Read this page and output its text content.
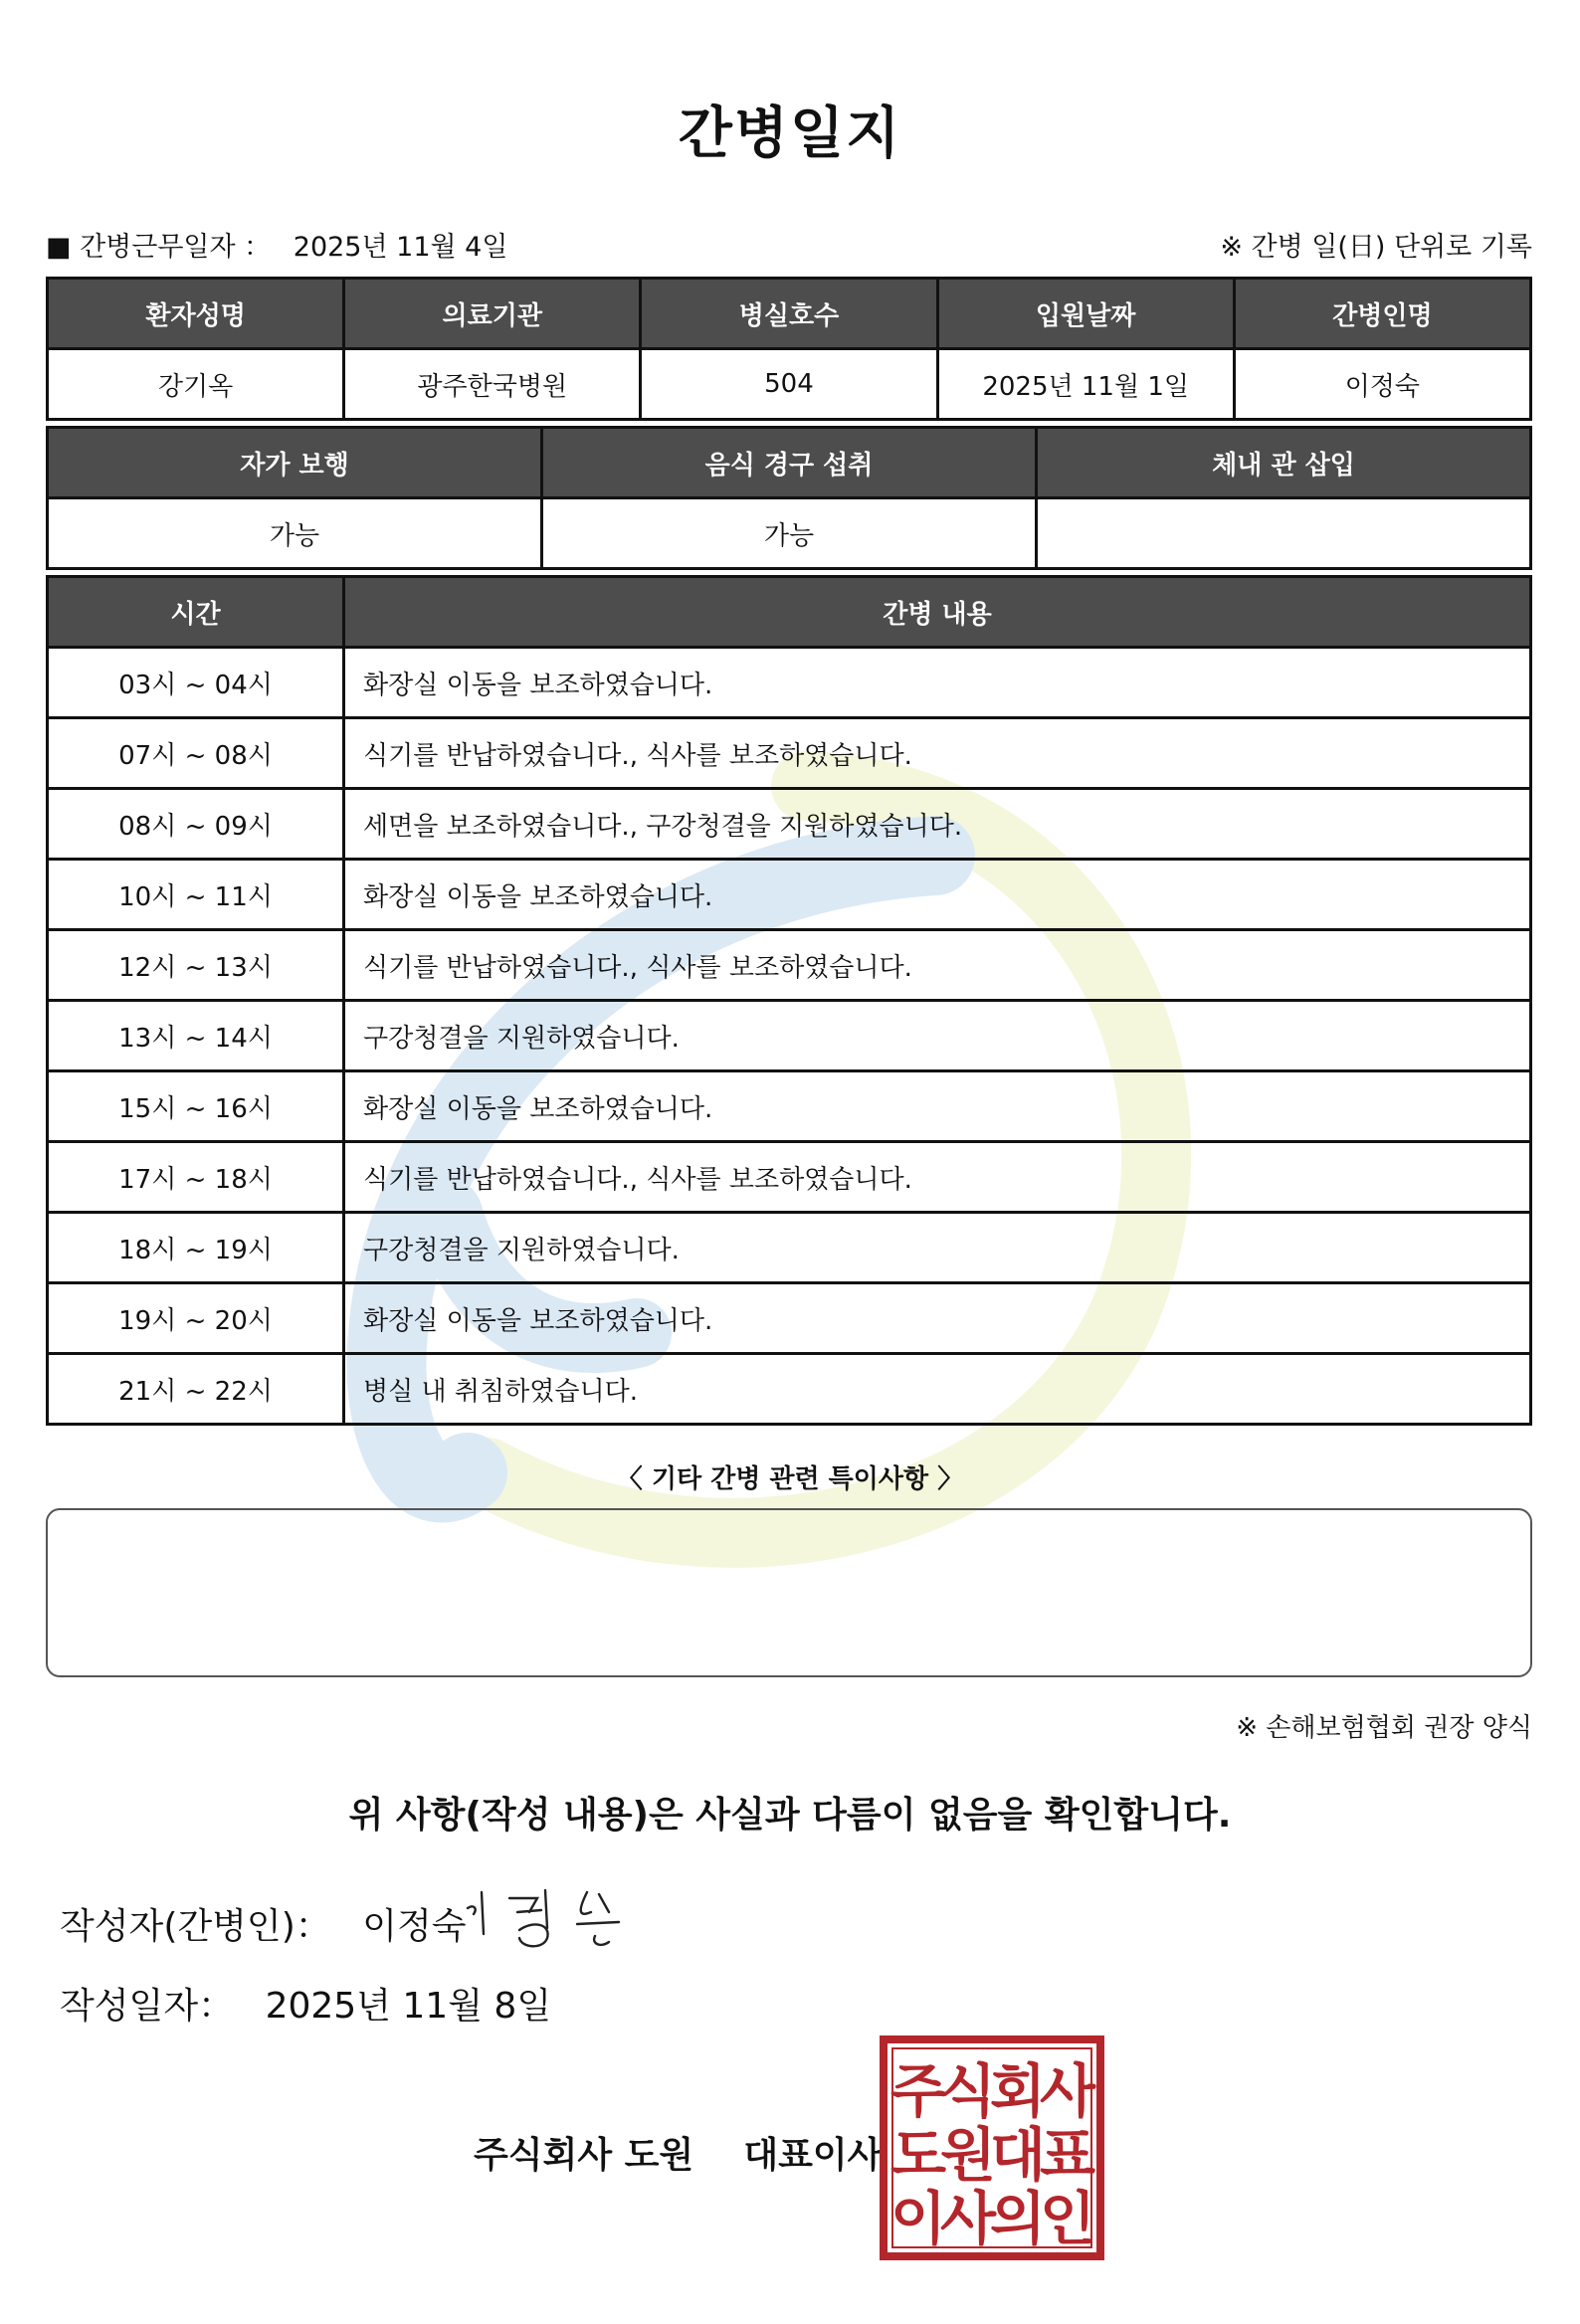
간병일지
■ 간병근무일자 ： 2025년 11월 4일	※ 간병 일(日) 단위로 기록
환자성명	의료기관	병실호수	입원날짜	간병인명
강기옥	광주한국병원	504	2025년 11월 1일	이정숙
자가 보행	음식 경구 섭취	체내 관 삽입
가능	가능	
시간	간병 내용
03시 ~ 04시	화장실 이동을 보조하였습니다.
07시 ~ 08시	식기를 반납하였습니다., 식사를 보조하였습니다.
08시 ~ 09시	세면을 보조하였습니다., 구강청결을 지원하였습니다.
10시 ~ 11시	화장실 이동을 보조하였습니다.
12시 ~ 13시	식기를 반납하였습니다., 식사를 보조하였습니다.
13시 ~ 14시	구강청결을 지원하였습니다.
15시 ~ 16시	화장실 이동을 보조하였습니다.
17시 ~ 18시	식기를 반납하였습니다., 식사를 보조하였습니다.
18시 ~ 19시	구강청결을 지원하였습니다.
19시 ~ 20시	화장실 이동을 보조하였습니다.
21시 ~ 22시	병실 내 취침하였습니다.
〈 기타 간병 관련 특이사항 〉
※ 손해보험협회 권장 양식
위 사항(작성 내용)은 사실과 다름이 없음을 확인합니다.
작성자(간병인)： 이정숙
작성일자： 2025년 11월 8일
주식회사 도원    대표이사
주
식
회
사
도
원
대
표
이
사
의
인
